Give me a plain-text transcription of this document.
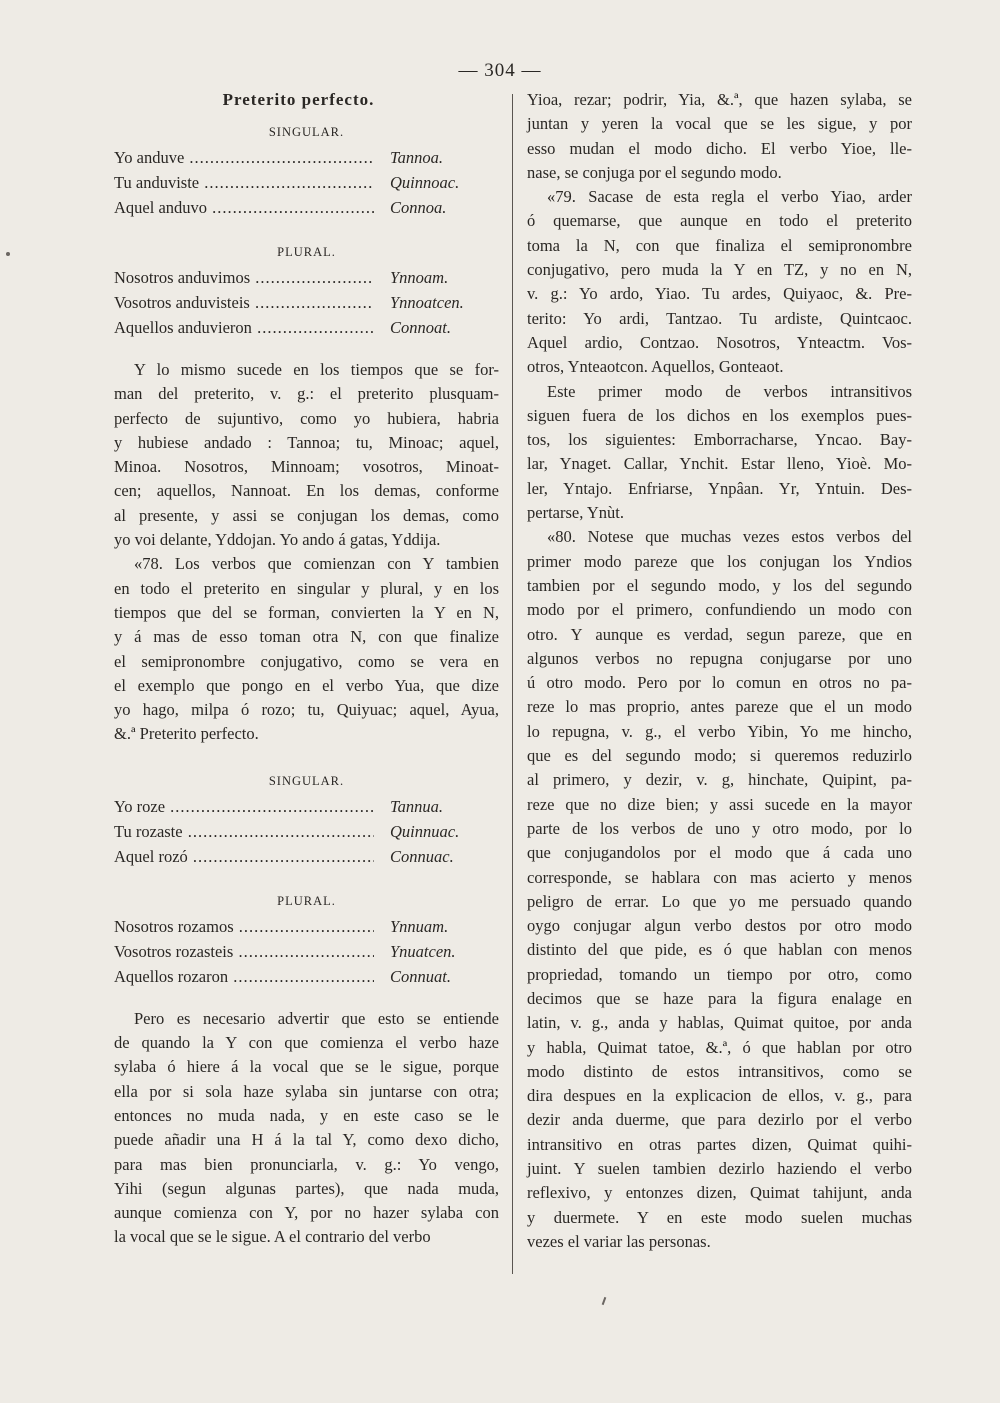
— 304 —
Preterito perfecto.
SINGULAR.
Yo anduve .....	Tannoa.
Tu anduviste .....	Quinnoac.
Aquel anduvo .....	Connoa.
PLURAL.
Nosotros anduvimos .....	Ynnoam.
Vosotros anduvisteis .....	Ynnoatcen.
Aquellos anduvieron .....	Connoat.

Y lo mismo sucede en los tiempos que se for-
man del preterito, v. g.: el preterito plusquam-
perfecto de sujuntivo, como yo hubiera, habria
y hubiese andado : Tannoa; tu, Minoac; aquel,
Minoa. Nosotros, Minnoam; vosotros, Minoat-
cen; aquellos, Nannoat. En los demas, conforme
al presente, y assi se conjugan los demas, como
yo voi delante, Yddojan. Yo ando á gatas, Yddija.

«78. Los verbos que comienzan con Y tambien
en todo el preterito en singular y plural, y en los
tiempos que del se forman, convierten la Y en N,
y á mas de esso toman otra N, con que finalize
el semipronombre conjugativo, como se vera en
el exemplo que pongo en el verbo Yua, que dize
yo hago, milpa ó rozo; tu, Quiyuac; aquel, Ayua,
&.ª Preterito perfecto.

SINGULAR.
Yo roze .....	Tannua.
Tu rozaste .....	Quinnuac.
Aquel rozó .....	Connuac.
PLURAL.
Nosotros rozamos .....	Ynnuam.
Vosotros rozasteis .....	Ynuatcen.
Aquellos rozaron .....	Connuat.

Pero es necesario advertir que esto se entiende
de quando la Y con que comienza el verbo haze
sylaba ó hiere á la vocal que se le sigue, porque
ella por si sola haze sylaba sin juntarse con otra;
entonces no muda nada, y en este caso se le
puede añadir una H á la tal Y, como dexo dicho,
para mas bien pronunciarla, v. g.: Yo vengo,
Yihi (segun algunas partes), que nada muda,
aunque comienza con Y, por no hazer sylaba con
la vocal que se le sigue. A el contrario del verbo

Yioa, rezar; podrir, Yia, &.ª, que hazen sylaba, se
juntan y yeren la vocal que se les sigue, y por
esso mudan el modo dicho. El verbo Yioe, lle-
nase, se conjuga por el segundo modo.

«79. Sacase de esta regla el verbo Yiao, arder
ó quemarse, que aunque en todo el preterito
toma la N, con que finaliza el semipronombre
conjugativo, pero muda la Y en TZ, y no en N,
v. g.: Yo ardo, Yiao. Tu ardes, Quiyaoc, &. Pre-
terito: Yo ardi, Tantzao. Tu ardiste, Quintcaoc.
Aquel ardio, Contzao. Nosotros, Ynteactm. Vos-
otros, Ynteaotcon. Aquellos, Gonteaot.

Este primer modo de verbos intransitivos
siguen fuera de los dichos en los exemplos pues-
tos, los siguientes: Emborracharse, Yncao. Bay-
lar, Ynaget. Callar, Ynchit. Estar lleno, Yioè. Mo-
ler, Yntajo. Enfriarse, Ynpâan. Yr, Yntuin. Des-
pertarse, Ynùt.

«80. Notese que muchas vezes estos verbos del
primer modo pareze que los conjugan los Yndios
tambien por el segundo modo, y los del segundo
modo por el primero, confundiendo un modo con
otro. Y aunque es verdad, segun pareze, que en
algunos verbos no repugna conjugarse por uno
ú otro modo. Pero por lo comun en otros no pa-
reze lo mas proprio, antes pareze que el un modo
lo repugna, v. g., el verbo Yibin, Yo me hincho,
que es del segundo modo; si queremos reduzirlo
al primero, y dezir, v. g, hinchate, Quipint, pa-
reze que no dize bien; y assi sucede en la mayor
parte de los verbos de uno y otro modo, por lo
que conjugandolos por el modo que á cada uno
corresponde, se hablara con mas acierto y menos
peligro de errar. Lo que yo me persuado quando
oygo conjugar algun verbo destos por otro modo
distinto del que pide, es ó que hablan con menos
propriedad, tomando un tiempo por otro, como
decimos que se haze para la figura enalage en
latin, v. g., anda y hablas, Quimat quitoe, por anda
y habla, Quimat tatoe, &.ª, ó que hablan por otro
modo distinto de estos intransitivos, como se
dira despues en la explicacion de ellos, v. g., para
dezir anda duerme, que para dezirlo por el verbo
intransitivo en otras partes dizen, Quimat quihi-
juint. Y suelen tambien dezirlo haziendo el verbo
reflexivo, y entonzes dizen, Quimat tahijunt, anda
y duermete. Y en este modo suelen muchas
vezes el variar las personas.
